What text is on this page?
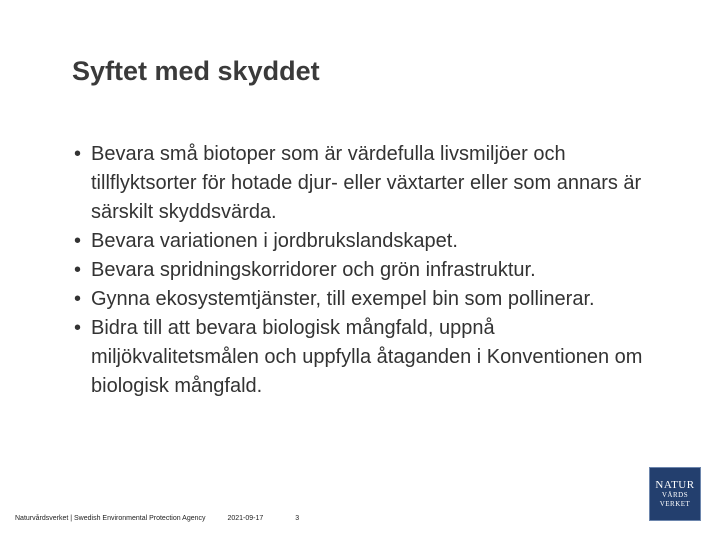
Syftet med skyddet
• Bevara små biotoper som är värdefulla livsmiljöer och tillflyktsorter för hotade djur- eller växtarter eller som annars är särskilt skyddsvärda.
• Bevara variationen i jordbrukslandskapet.
• Bevara spridningskorridorer och grön infrastruktur.
• Gynna ekosystemtjänster, till exempel bin som pollinerar.
• Bidra till att bevara biologisk mångfald, uppnå miljökvalitetsmålen och uppfylla åtaganden i Konventionen om biologisk mångfald.
Naturvårdsverket | Swedish Environmental Protection Agency	2021-09-17	3
NATUR
VÅRDS
VERKET
